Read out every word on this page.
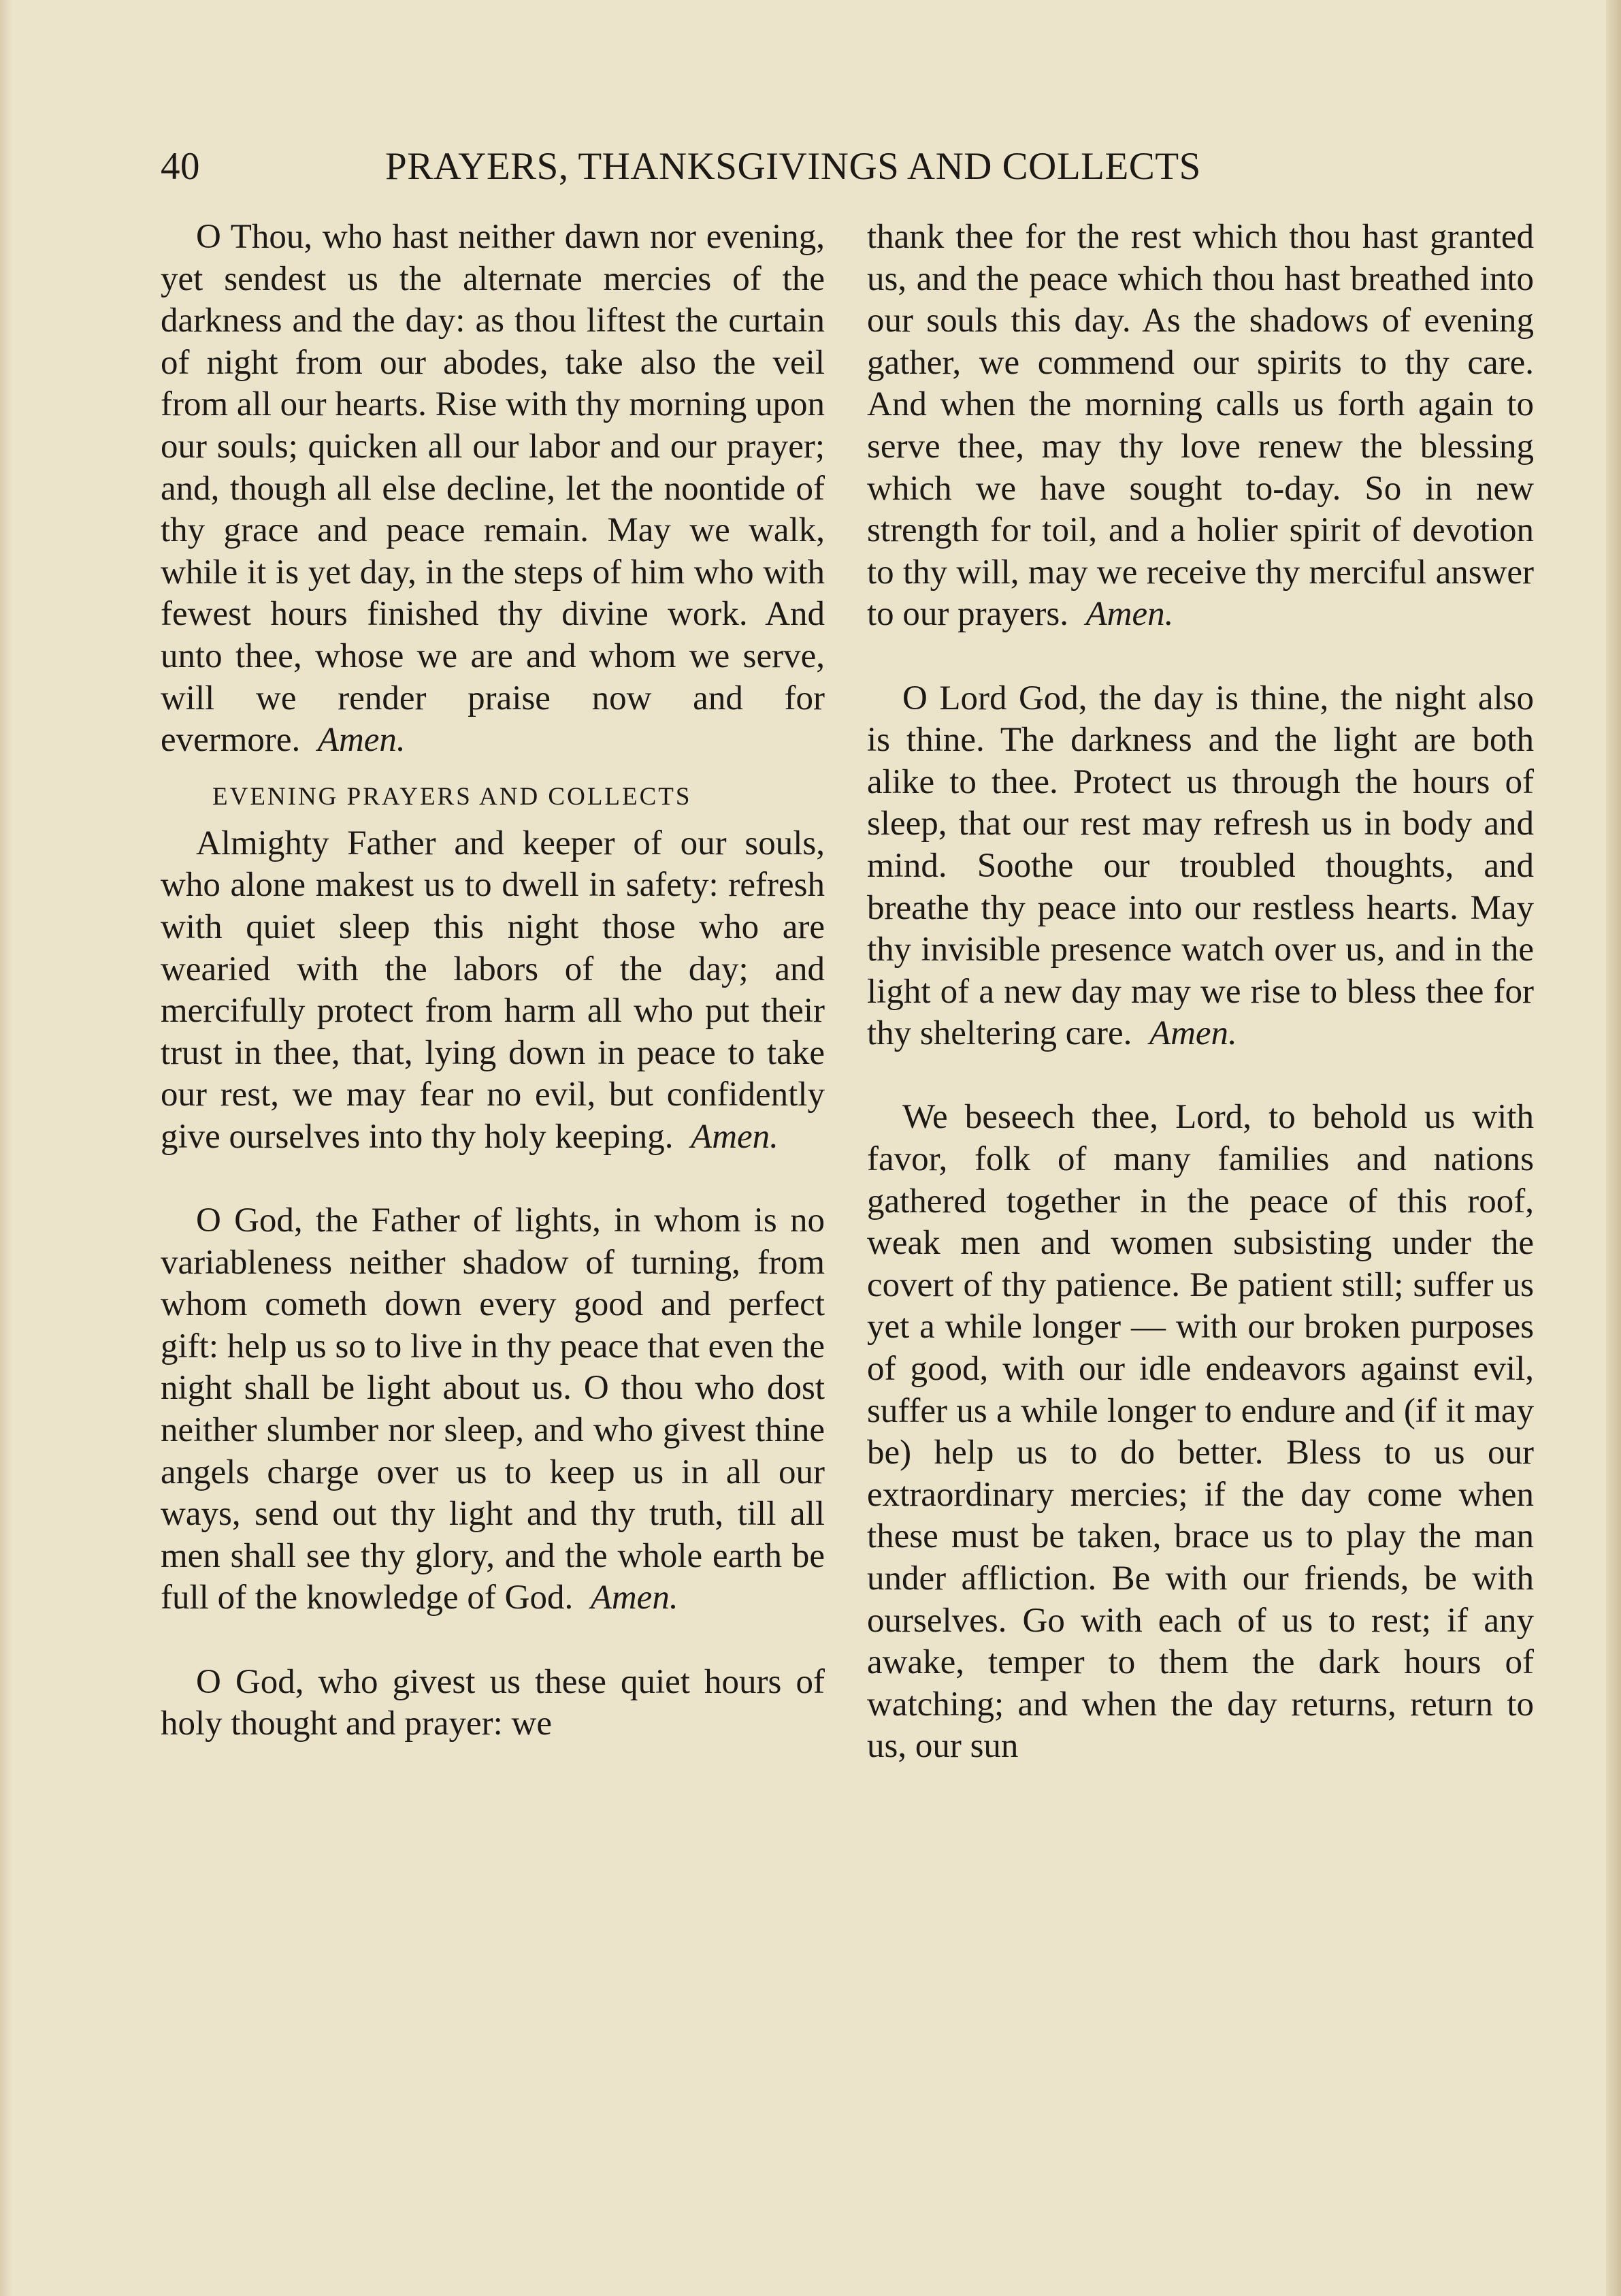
40	PRAYERS, THANKSGIVINGS AND COLLECTS

O Thou, who hast neither dawn nor evening, yet sendest us the alternate mercies of the darkness and the day: as thou liftest the curtain of night from our abodes, take also the veil from all our hearts. Rise with thy morning upon our souls; quicken all our labor and our prayer; and, though all else decline, let the noontide of thy grace and peace remain. May we walk, while it is yet day, in the steps of him who with fewest hours finished thy divine work. And unto thee, whose we are and whom we serve, will we render praise now and for evermore. Amen.

EVENING PRAYERS AND COLLECTS

Almighty Father and keeper of our souls, who alone makest us to dwell in safety: refresh with quiet sleep this night those who are wearied with the labors of the day; and mercifully protect from harm all who put their trust in thee, that, lying down in peace to take our rest, we may fear no evil, but confidently give ourselves into thy holy keeping. Amen.

O God, the Father of lights, in whom is no variableness neither shadow of turning, from whom cometh down every good and perfect gift: help us so to live in thy peace that even the night shall be light about us. O thou who dost neither slumber nor sleep, and who givest thine angels charge over us to keep us in all our ways, send out thy light and thy truth, till all men shall see thy glory, and the whole earth be full of the knowledge of God. Amen.

O God, who givest us these quiet hours of holy thought and prayer: we

thank thee for the rest which thou hast granted us, and the peace which thou hast breathed into our souls this day. As the shadows of evening gather, we commend our spirits to thy care. And when the morning calls us forth again to serve thee, may thy love renew the blessing which we have sought to-day. So in new strength for toil, and a holier spirit of devotion to thy will, may we receive thy merciful answer to our prayers. Amen.

O Lord God, the day is thine, the night also is thine. The darkness and the light are both alike to thee. Protect us through the hours of sleep, that our rest may refresh us in body and mind. Soothe our troubled thoughts, and breathe thy peace into our restless hearts. May thy invisible presence watch over us, and in the light of a new day may we rise to bless thee for thy sheltering care. Amen.

We beseech thee, Lord, to behold us with favor, folk of many families and nations gathered together in the peace of this roof, weak men and women subsisting under the covert of thy patience. Be patient still; suffer us yet a while longer — with our broken purposes of good, with our idle endeavors against evil, suffer us a while longer to endure and (if it may be) help us to do better. Bless to us our extraordinary mercies; if the day come when these must be taken, brace us to play the man under affliction. Be with our friends, be with ourselves. Go with each of us to rest; if any awake, temper to them the dark hours of watching; and when the day returns, return to us, our sun
